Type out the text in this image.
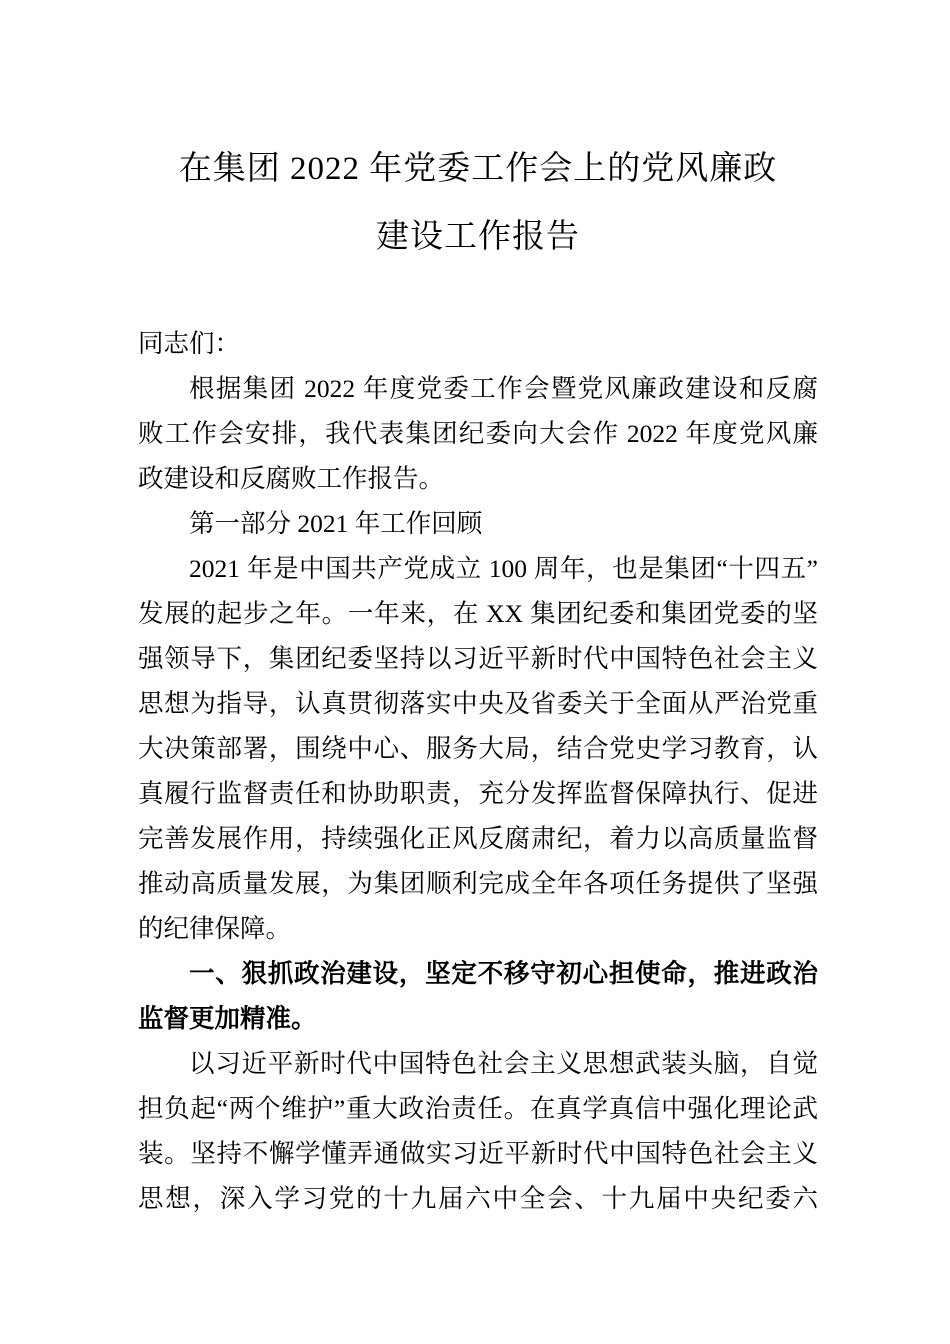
在集团 2022 年党委工作会上的党风廉政
建设工作报告
同志们：
根据集团 2022 年度党委工作会暨党风廉政建设和反腐
败工作会安排，我代表集团纪委向大会作 2022 年度党风廉
政建设和反腐败工作报告。
第一部分 2021 年工作回顾
2021 年是中国共产党成立 100 周年，也是集团“十四五”
发展的起步之年。一年来，在 XX 集团纪委和集团党委的坚
强领导下，集团纪委坚持以习近平新时代中国特色社会主义
思想为指导，认真贯彻落实中央及省委关于全面从严治党重
大决策部署，围绕中心、服务大局，结合党史学习教育，认
真履行监督责任和协助职责，充分发挥监督保障执行、促进
完善发展作用，持续强化正风反腐肃纪，着力以高质量监督
推动高质量发展，为集团顺利完成全年各项任务提供了坚强
的纪律保障。
一、狠抓政治建设，坚定不移守初心担使命，推进政治
监督更加精准。
以习近平新时代中国特色社会主义思想武装头脑，自觉
担负起“两个维护”重大政治责任。在真学真信中强化理论武
装。坚持不懈学懂弄通做实习近平新时代中国特色社会主义
思想，深入学习党的十九届六中全会、十九届中央纪委六
